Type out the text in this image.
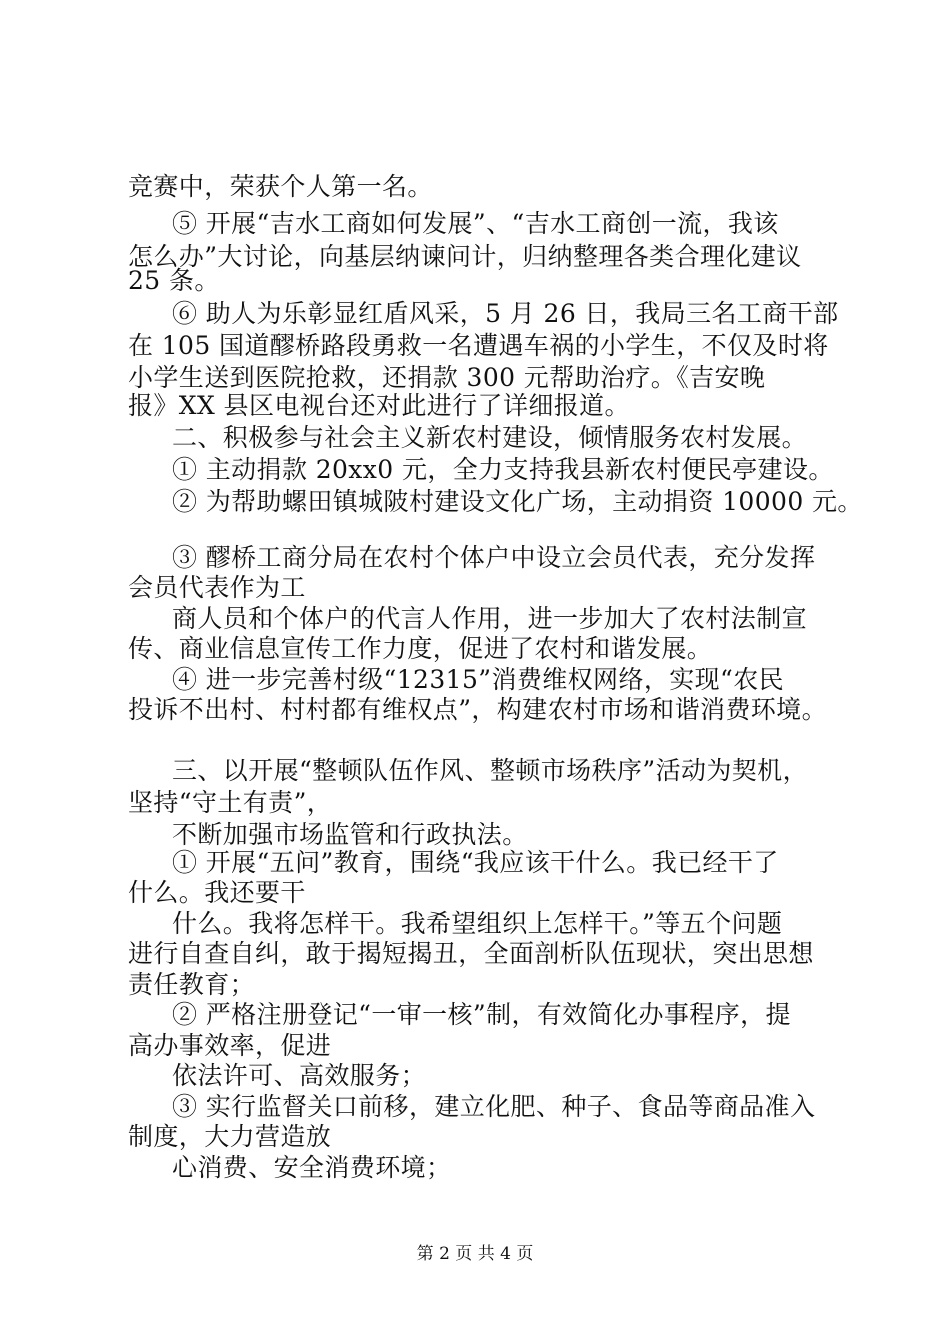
竞赛中，荣获个人第一名。
⑤ 开展“吉水工商如何发展”、“吉水工商创一流，我该
怎么办”大讨论，向基层纳谏问计，归纳整理各类合理化建议
25 条。
⑥ 助人为乐彰显红盾风采，5 月 26 日，我局三名工商干部
在 105 国道醪桥路段勇救一名遭遇车祸的小学生，不仅及时将
小学生送到医院抢救，还捐款 300 元帮助治疗。《吉安晚
报》XX 县区电视台还对此进行了详细报道。
二、积极参与社会主义新农村建设，倾情服务农村发展。
① 主动捐款 20xx0 元，全力支持我县新农村便民亭建设。
② 为帮助螺田镇城陂村建设文化广场，主动捐资 10000 元。
③ 醪桥工商分局在农村个体户中设立会员代表，充分发挥
会员代表作为工
商人员和个体户的代言人作用，进一步加大了农村法制宣
传、商业信息宣传工作力度，促进了农村和谐发展。
④ 进一步完善村级“12315”消费维权网络，实现“农民
投诉不出村、村村都有维权点”，构建农村市场和谐消费环境。
三、以开展“整顿队伍作风、整顿市场秩序”活动为契机，
坚持“守土有责”，
不断加强市场监管和行政执法。
① 开展“五问”教育，围绕“我应该干什么。我已经干了
什么。我还要干
什么。我将怎样干。我希望组织上怎样干。”等五个问题
进行自查自纠，敢于揭短揭丑，全面剖析队伍现状，突出思想
责任教育；
② 严格注册登记“一审一核”制，有效简化办事程序，提
高办事效率，促进
依法许可、高效服务；
③ 实行监督关口前移，建立化肥、种子、食品等商品准入
制度，大力营造放
心消费、安全消费环境；
第 2 页 共 4 页
